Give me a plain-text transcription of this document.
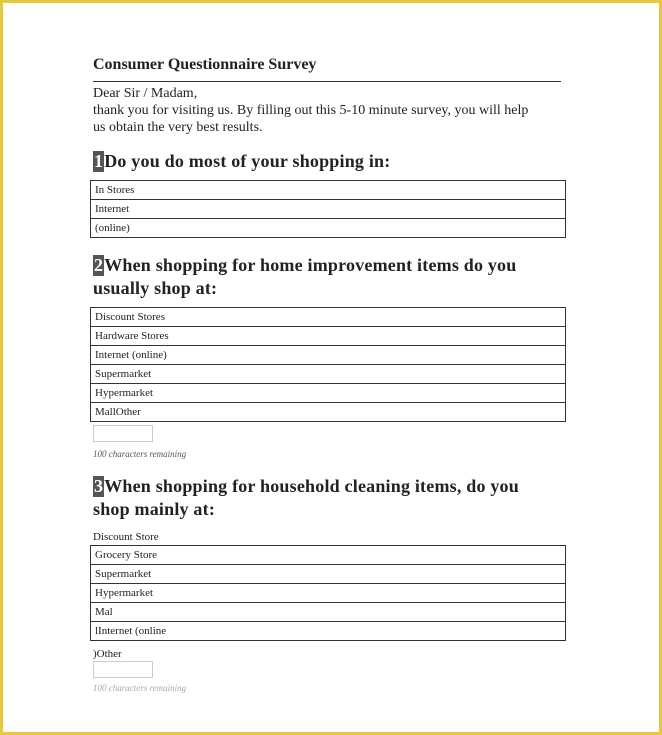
Consumer Questionnaire Survey
Dear Sir / Madam,
thank you for visiting us. By filling out this 5-10 minute survey, you will help
us obtain the very best results.
1Do you do most of your shopping in:
In Stores
Internet
(online)
2When shopping for home improvement items do you
usually shop at:
Discount Stores
Hardware Stores
Internet (online)
Supermarket
Hypermarket
MallOther
100 characters remaining
3When shopping for household cleaning items, do you
shop mainly at:
Discount Store
Grocery Store
Supermarket
Hypermarket
Mal
lInternet (online
)Other
100 characters remaining
